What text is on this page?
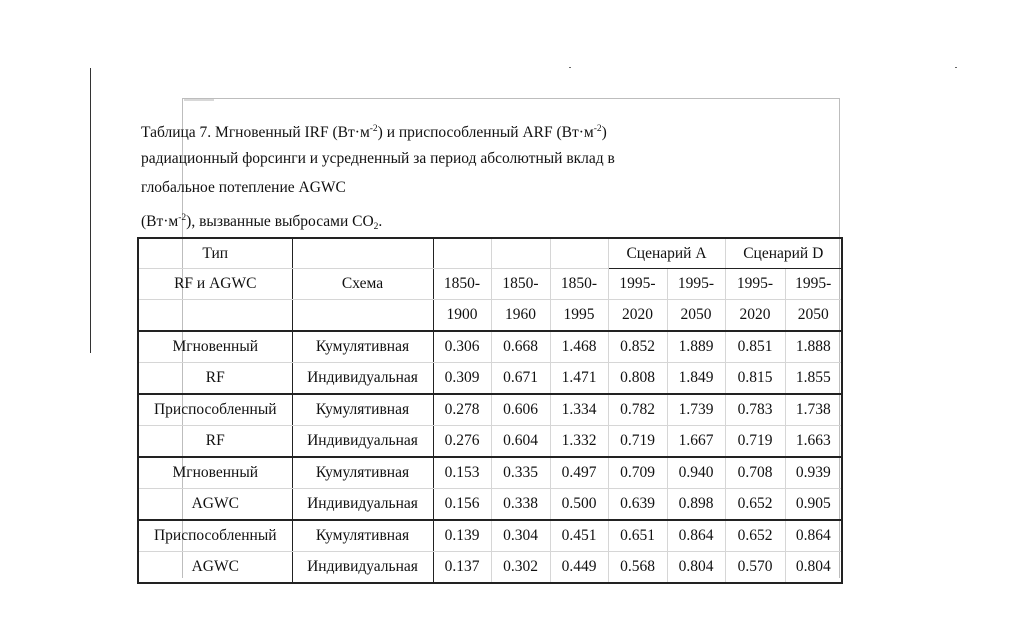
Таблица 7. Мгновенный IRF $(Вт\cdot м^{-2})$ и приспособленный ARF $(Вт\cdot м^{-2})$
радиационный форсинги и усредненный за период абсолютный вклад в
глобальное потепление AGWC
$(Вт\cdot м^{-2})$, вызванные выбросами $CO_2$.
Тип					Сценарий A		Сценарий D	
RF и AGWC	Схема	1850-	1850-	1850-	1995-	1995-	1995-	1995-
		1900	1960	1995	2020	2050	2020	2050
Мгновенный	Кумулятивная	0.306	0.668	1.468	0.852	1.889	0.851	1.888
RF	Индивидуальная	0.309	0.671	1.471	0.808	1.849	0.815	1.855
Приспособленный	Кумулятивная	0.278	0.606	1.334	0.782	1.739	0.783	1.738
RF	Индивидуальная	0.276	0.604	1.332	0.719	1.667	0.719	1.663
Мгновенный	Кумулятивная	0.153	0.335	0.497	0.709	0.940	0.708	0.939
AGWC	Индивидуальная	0.156	0.338	0.500	0.639	0.898	0.652	0.905
Приспособленный	Кумулятивная	0.139	0.304	0.451	0.651	0.864	0.652	0.864
AGWC	Индивидуальная	0.137	0.302	0.449	0.568	0.804	0.570	0.804
